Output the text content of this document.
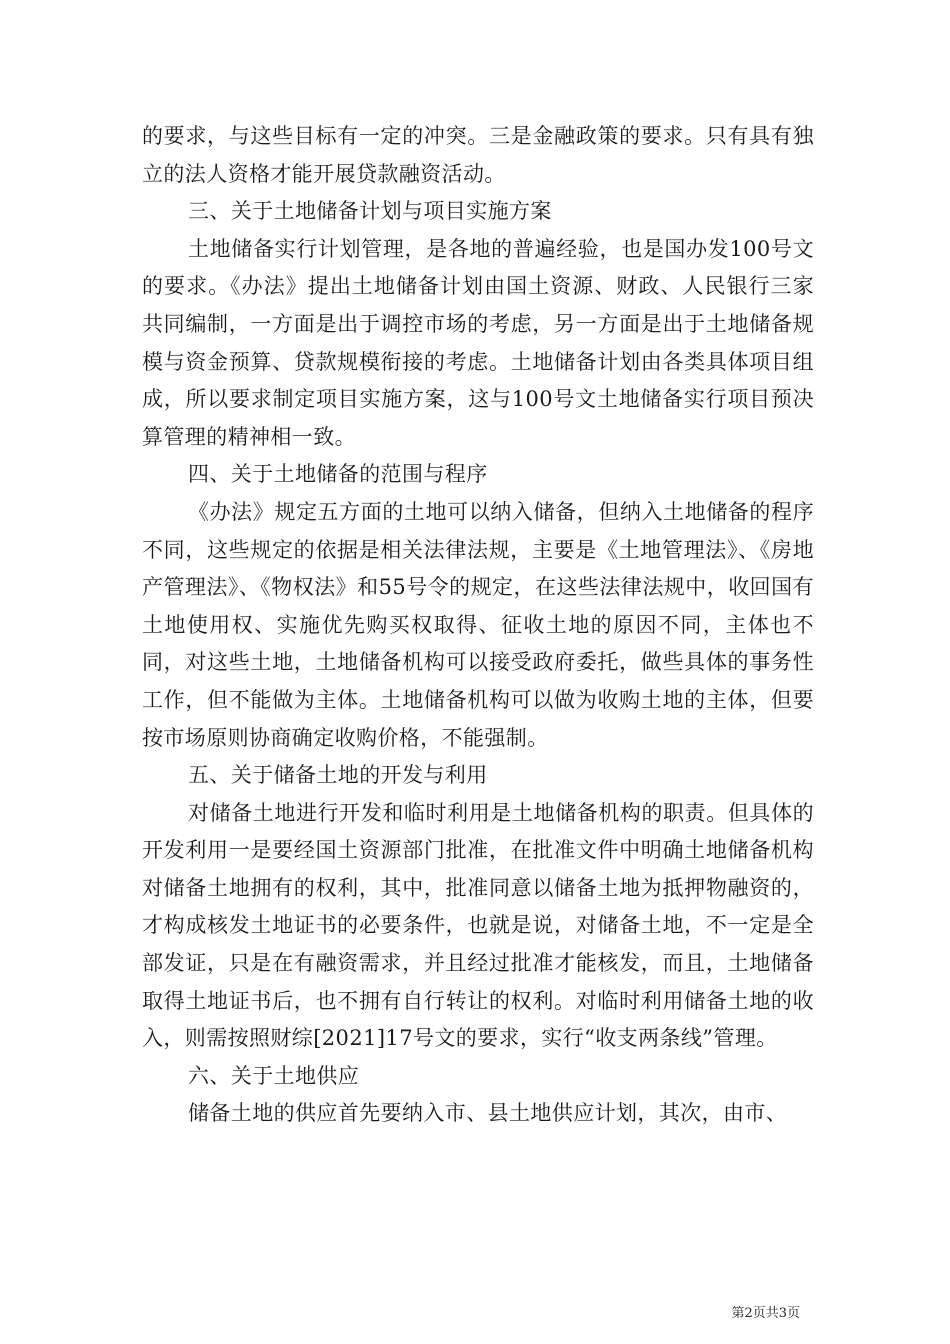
的要求，与这些目标有一定的冲突。三是金融政策的要求。只有具有独立的法人资格才能开展贷款融资活动。

三、关于土地储备计划与项目实施方案

土地储备实行计划管理，是各地的普遍经验，也是国办发100号文的要求。《办法》提出土地储备计划由国土资源、财政、人民银行三家共同编制，一方面是出于调控市场的考虑，另一方面是出于土地储备规模与资金预算、贷款规模衔接的考虑。土地储备计划由各类具体项目组成，所以要求制定项目实施方案，这与100号文土地储备实行项目预决算管理的精神相一致。

四、关于土地储备的范围与程序

《办法》规定五方面的土地可以纳入储备，但纳入土地储备的程序不同，这些规定的依据是相关法律法规，主要是《土地管理法》、《房地产管理法》、《物权法》和55号令的规定，在这些法律法规中，收回国有土地使用权、实施优先购买权取得、征收土地的原因不同，主体也不同，对这些土地，土地储备机构可以接受政府委托，做些具体的事务性工作，但不能做为主体。土地储备机构可以做为收购土地的主体，但要按市场原则协商确定收购价格，不能强制。

五、关于储备土地的开发与利用

对储备土地进行开发和临时利用是土地储备机构的职责。但具体的开发利用一是要经国土资源部门批准，在批准文件中明确土地储备机构对储备土地拥有的权利，其中，批准同意以储备土地为抵押物融资的，才构成核发土地证书的必要条件，也就是说，对储备土地，不一定是全部发证，只是在有融资需求，并且经过批准才能核发，而且，土地储备取得土地证书后，也不拥有自行转让的权利。对临时利用储备土地的收入，则需按照财综[2021]17号文的要求，实行“收支两条线”管理。

六、关于土地供应

储备土地的供应首先要纳入市、县土地供应计划，其次，由市、

第2页共3页
